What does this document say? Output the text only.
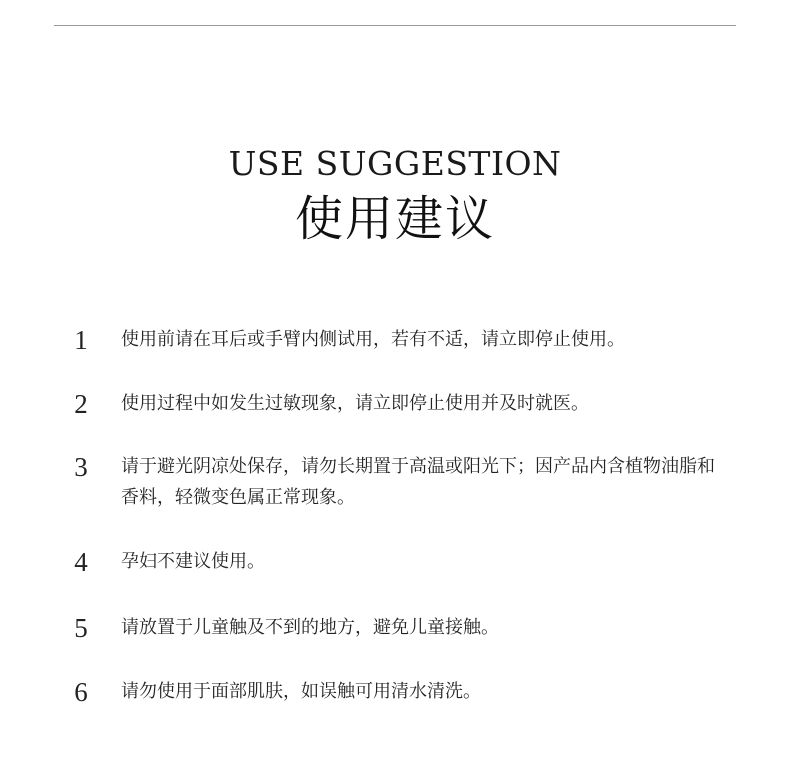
USE SUGGESTION
使用建议
1 使用前请在耳后或手臂内侧试用，若有不适，请立即停止使用。
2 使用过程中如发生过敏现象，请立即停止使用并及时就医。
3 请于避光阴凉处保存，请勿长期置于高温或阳光下；因产品内含植物油脂和香料，轻微变色属正常现象。
4 孕妇不建议使用。
5 请放置于儿童触及不到的地方，避免儿童接触。
6 请勿使用于面部肌肤，如误触可用清水清洗。
